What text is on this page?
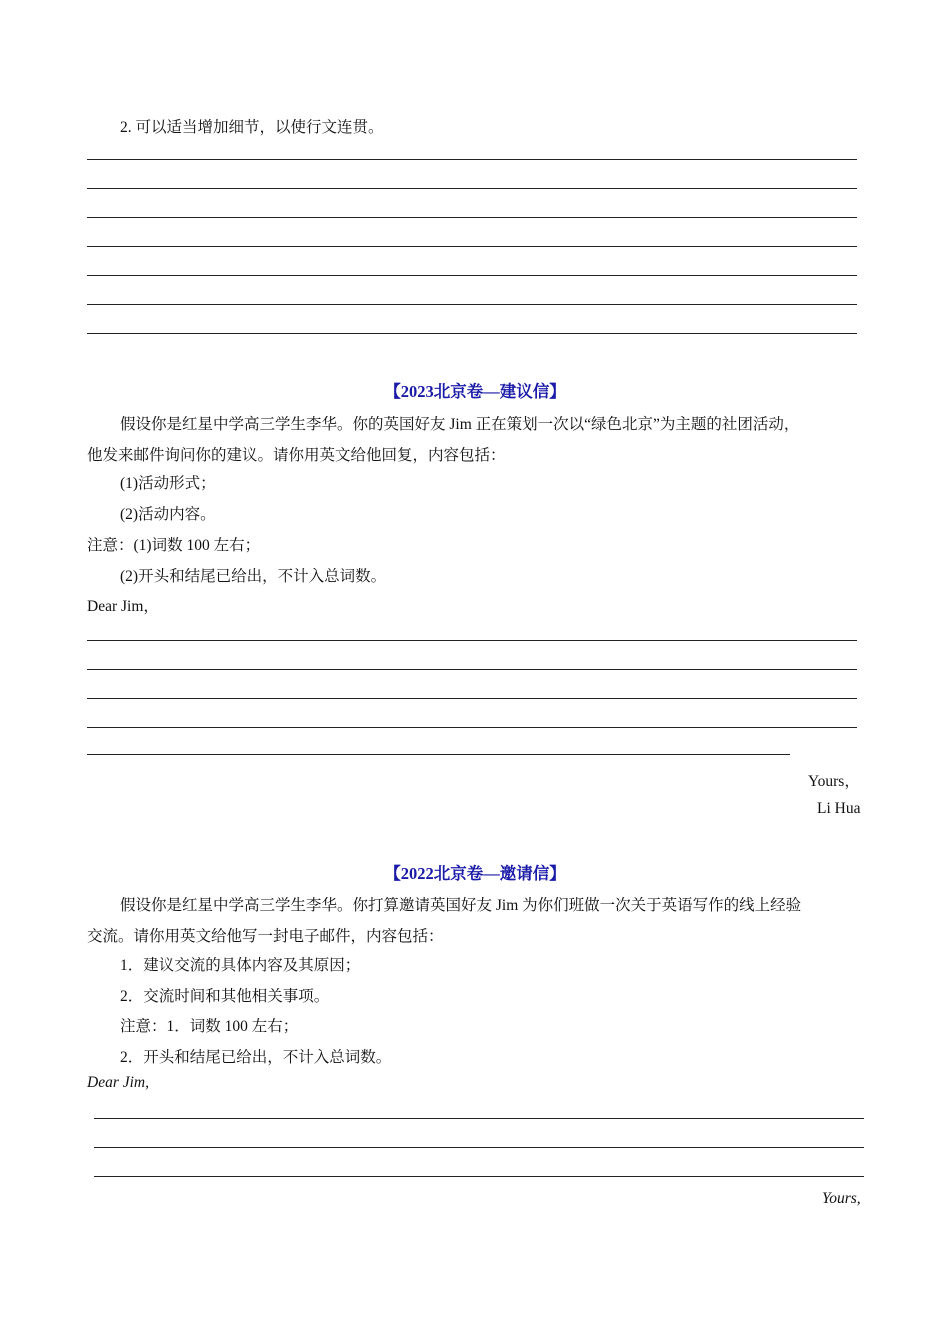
2. 可以适当增加细节，以使行文连贯。
【2023北京卷—建议信】
假设你是红星中学高三学生李华。你的英国好友 Jim 正在策划一次以“绿色北京”为主题的社团活动，
他发来邮件询问你的建议。请你用英文给他回复，内容包括：
(1)活动形式；
(2)活动内容。
注意：(1)词数 100 左右；
(2)开头和结尾已给出，不计入总词数。
Dear Jim，
Yours，
Li Hua
【2022北京卷—邀请信】
假设你是红星中学高三学生李华。你打算邀请英国好友 Jim 为你们班做一次关于英语写作的线上经验
交流。请你用英文给他写一封电子邮件，内容包括：
1．建议交流的具体内容及其原因；
2．交流时间和其他相关事项。
注意：1．词数 100 左右；
2．开头和结尾已给出，不计入总词数。
Dear Jim,
Yours,
